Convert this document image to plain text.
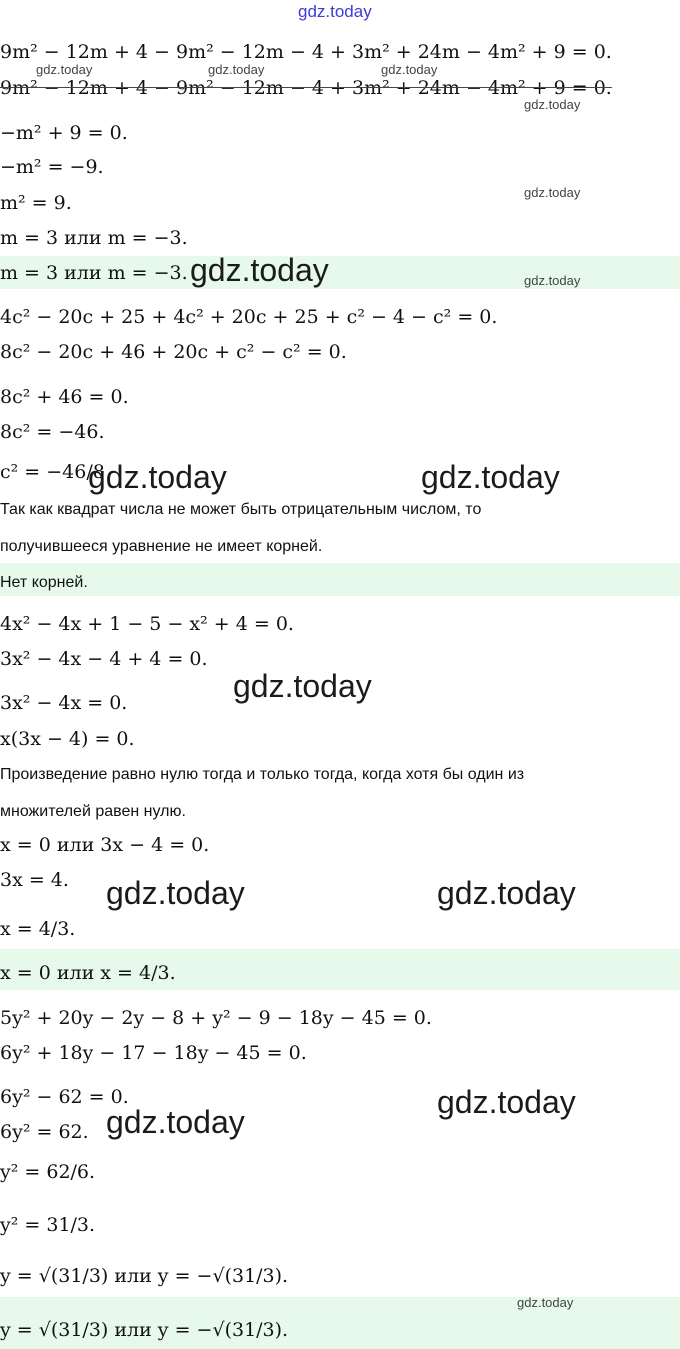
gdz.today
9m² − 12m + 4 − 9m² − 12m − 4 + 3m² + 24m − 4m² + 9 = 0.
9m² − 12m + 4 − 9m² − 12m − 4 + 3m² + 24m − 4m² + 9 = 0.
−m² + 9 = 0.
−m² = −9.
m² = 9.
m = 3 или m = −3.
m = 3 или m = −3.
4c² − 20c + 25 + 4c² + 20c + 25 + c² − 4 − c² = 0.
8c² − 20c + 46 + 20c + c² − c² = 0.
8c² + 46 = 0.
8c² = −46.
c² = −46/8
Так как квадрат числа не может быть отрицательным числом, то
получившееся уравнение не имеет корней.
Нет корней.
4x² − 4x + 1 − 5 − x² + 4 = 0.
3x² − 4x − 4 + 4 = 0.
3x² − 4x = 0.
x(3x − 4) = 0.
Произведение равно нулю тогда и только тогда, когда хотя бы один из
множителей равен нулю.
x = 0 или 3x − 4 = 0.
3x = 4.
x = 4/3.
x = 0 или x = 4/3.
5y² + 20y − 2y − 8 + y² − 9 − 18y − 45 = 0.
6y² + 18y − 17 − 18y − 45 = 0.
6y² − 62 = 0.
6y² = 62.
y² = 62/6.
y² = 31/3.
y = √(31/3) или y = −√(31/3).
y = √(31/3) или y = −√(31/3).
gdz.today	gdz.today	gdz.today
gdz.today
gdz.today
gdz.today
gdz.today
gdz.today
gdz.today	gdz.today
gdz.today
gdz.today	gdz.today
gdz.today
gdz.today
